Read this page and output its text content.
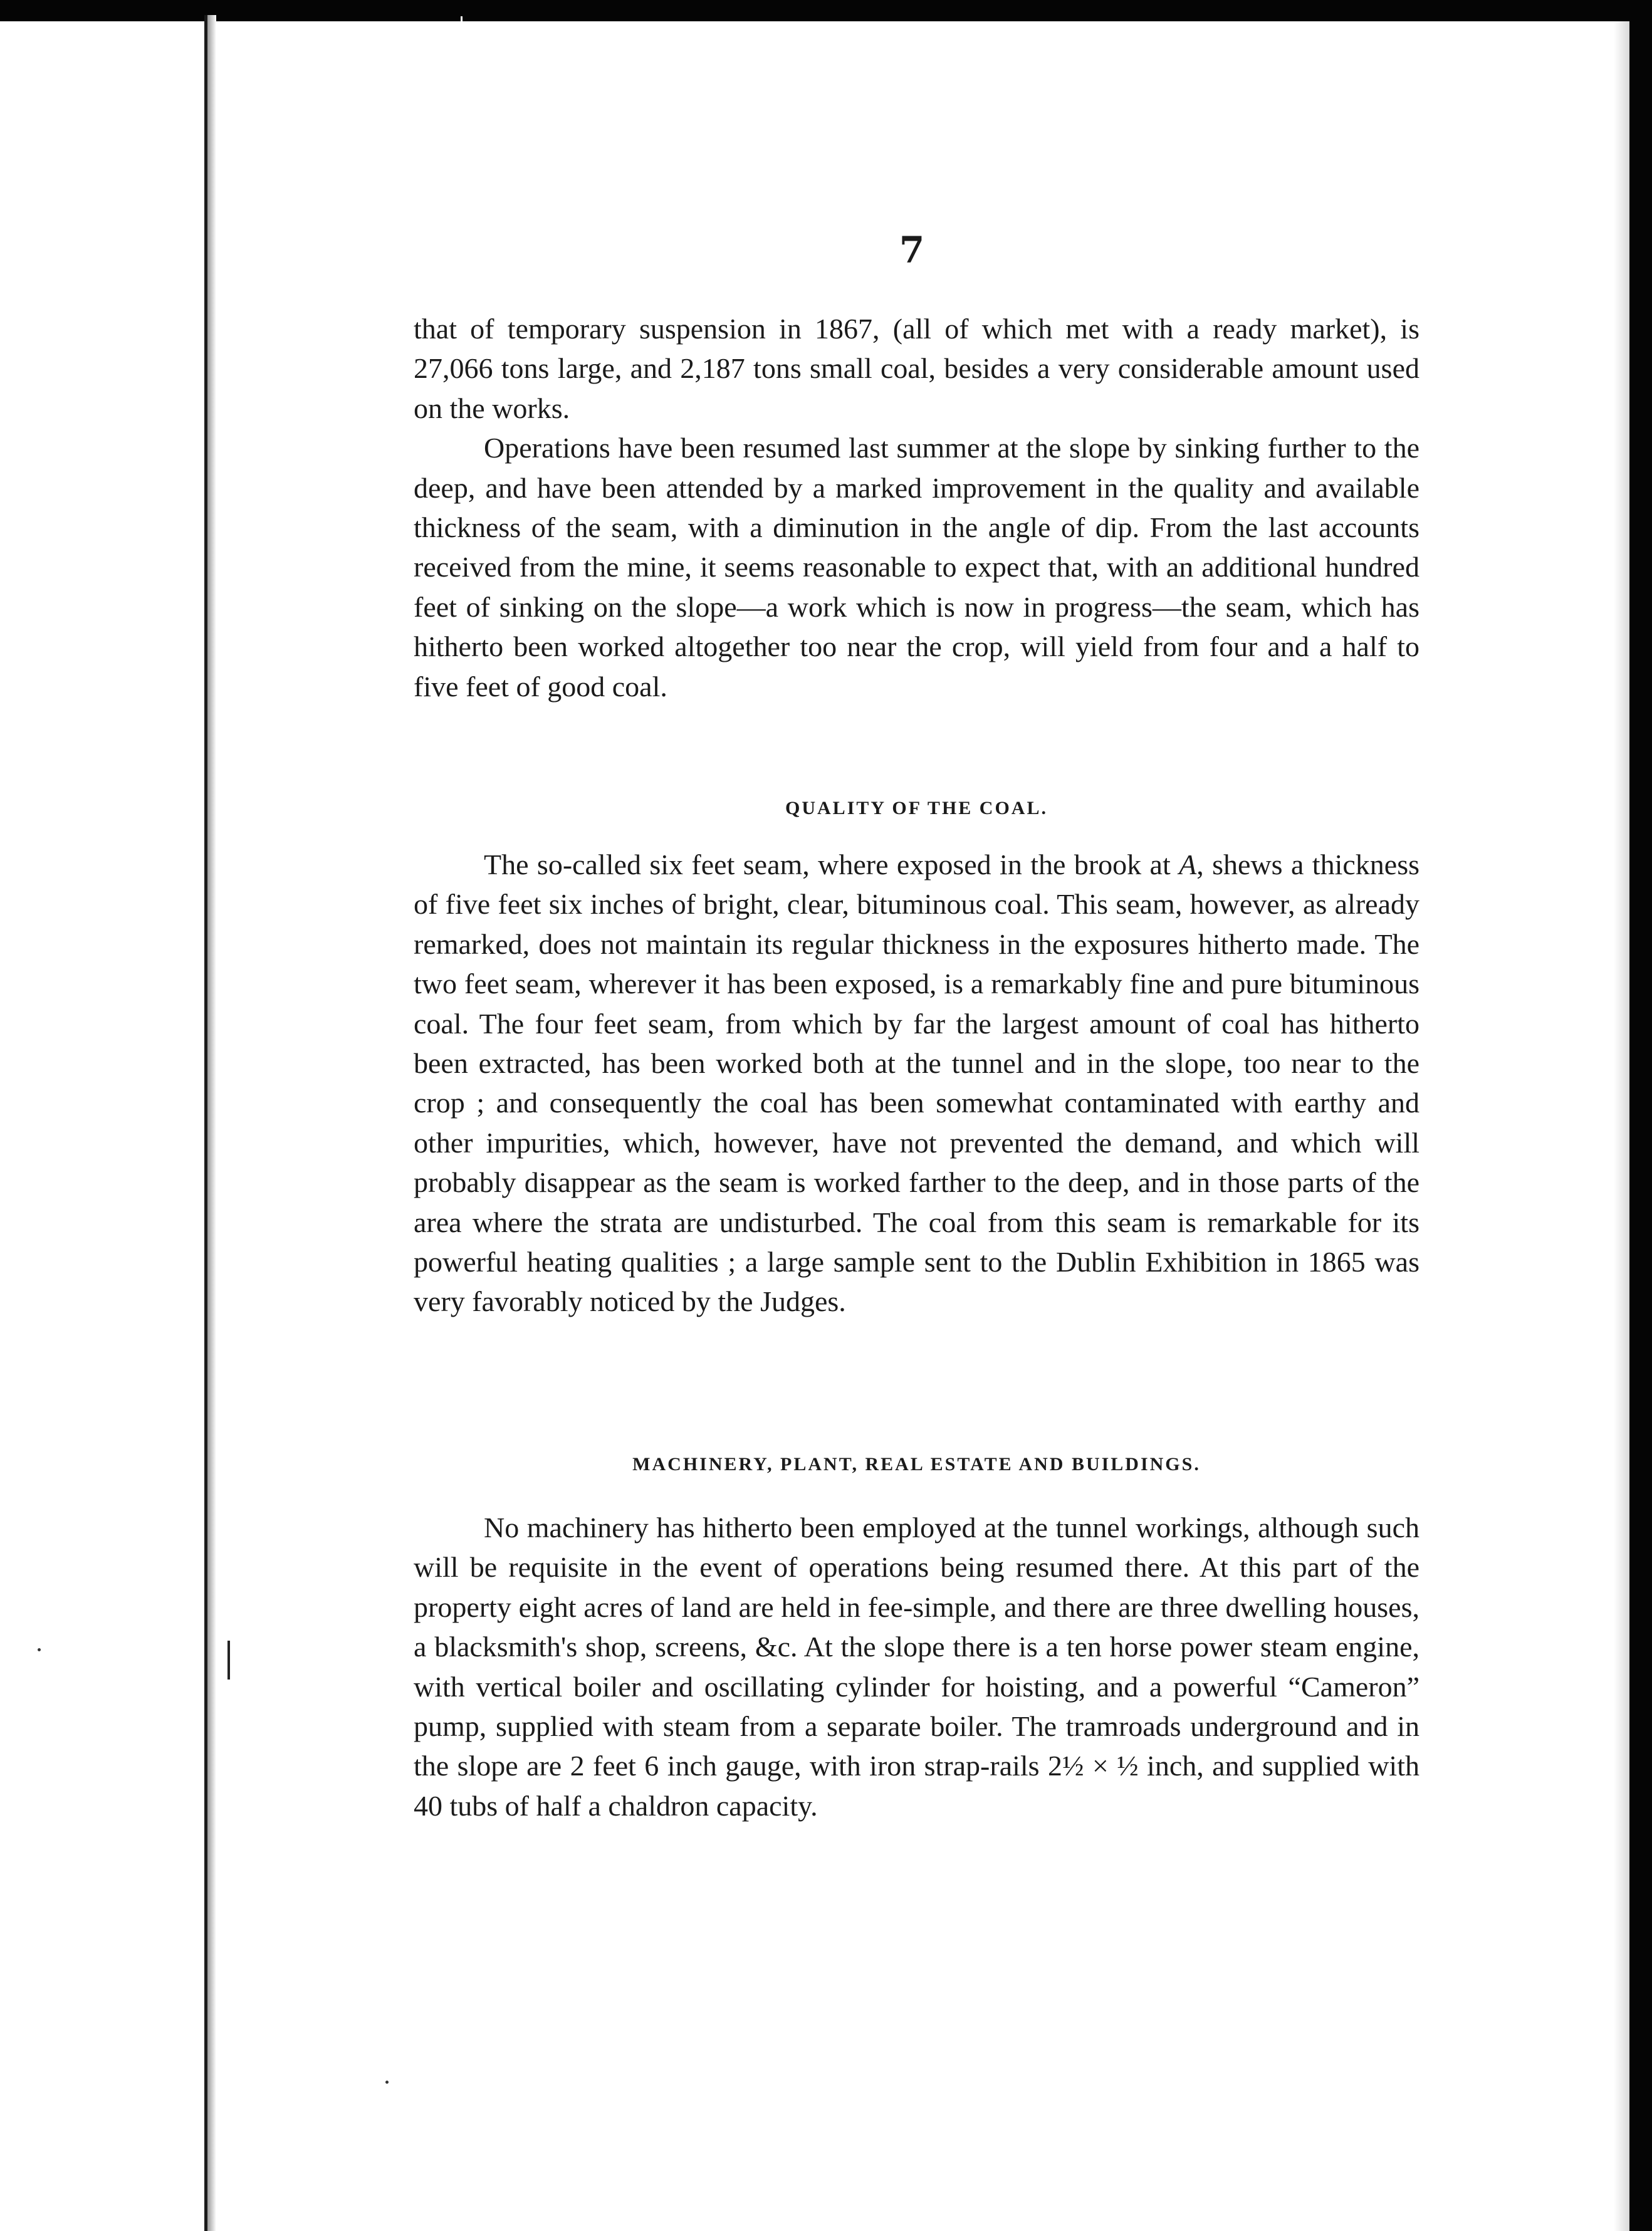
7

that of temporary suspension in 1867, (all of which met with a ready market), is 27,066 tons large, and 2,187 tons small coal, besides a very considerable amount used on the works.

Operations have been resumed last summer at the slope by sinking further to the deep, and have been attended by a marked improvement in the quality and available thickness of the seam, with a diminution in the angle of dip. From the last accounts received from the mine, it seems reasonable to expect that, with an additional hundred feet of sinking on the slope—a work which is now in progress—the seam, which has hitherto been worked altogether too near the crop, will yield from four and a half to five feet of good coal.

QUALITY OF THE COAL.

The so-called six feet seam, where exposed in the brook at A, shews a thickness of five feet six inches of bright, clear, bituminous coal. This seam, however, as already remarked, does not maintain its regular thickness in the exposures hitherto made. The two feet seam, wherever it has been exposed, is a remarkably fine and pure bituminous coal. The four feet seam, from which by far the largest amount of coal has hitherto been extracted, has been worked both at the tunnel and in the slope, too near to the crop ; and consequently the coal has been somewhat contaminated with earthy and other impurities, which, however, have not prevented the demand, and which will probably disappear as the seam is worked farther to the deep, and in those parts of the area where the strata are undisturbed. The coal from this seam is remarkable for its powerful heating qualities ; a large sample sent to the Dublin Exhibition in 1865 was very favorably noticed by the Judges.

MACHINERY, PLANT, REAL ESTATE AND BUILDINGS.

No machinery has hitherto been employed at the tunnel workings, although such will be requisite in the event of operations being resumed there. At this part of the property eight acres of land are held in fee-simple, and there are three dwelling houses, a blacksmith's shop, screens, &c. At the slope there is a ten horse power steam engine, with vertical boiler and oscillating cylinder for hoisting, and a powerful “Cameron” pump, supplied with steam from a separate boiler. The tramroads underground and in the slope are 2 feet 6 inch gauge, with iron strap-rails 2½ × ½ inch, and supplied with 40 tubs of half a chaldron capacity.
